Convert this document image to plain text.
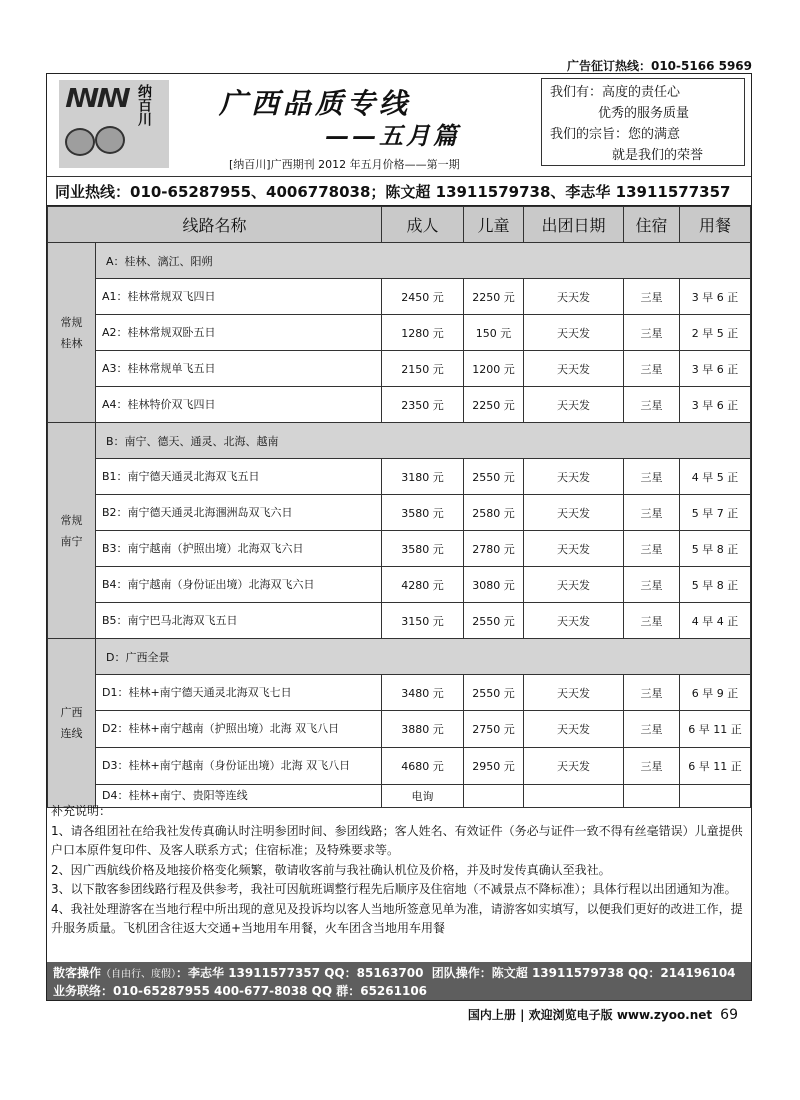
广告征订热线：010-5166 5969
ꟿꟿ 纳百川 广西品质专线
——五月篇
[纳百川]广西期刊 2012 年五月价格——第一期
我们有：高度的责任心
优秀的服务质量
我们的宗旨：您的满意
就是我们的荣誉
同业热线：010-65287955、4006778038；陈文超 13911579738、李志华 13911577357
线路名称		成人	儿童	出团日期	住宿	用餐
常规桂林	A：桂林、漓江、阳朔					
	A1：桂林常规双飞四日	2450 元	2250 元	天天发	三星	3 早 6 正
	A2：桂林常规双卧五日	1280 元	150 元	天天发	三星	2 早 5 正
	A3：桂林常规单飞五日	2150 元	1200 元	天天发	三星	3 早 6 正
	A4：桂林特价双飞四日	2350 元	2250 元	天天发	三星	3 早 6 正
常规南宁	B：南宁、德天、通灵、北海、越南					
	B1：南宁德天通灵北海双飞五日	3180 元	2550 元	天天发	三星	4 早 5 正
	B2：南宁德天通灵北海涠洲岛双飞六日	3580 元	2580 元	天天发	三星	5 早 7 正
	B3：南宁越南（护照出境）北海双飞六日	3580 元	2780 元	天天发	三星	5 早 8 正
	B4：南宁越南（身份证出境）北海双飞六日	4280 元	3080 元	天天发	三星	5 早 8 正
	B5：南宁巴马北海双飞五日	3150 元	2550 元	天天发	三星	4 早 4 正
广西连线	D：广西全景					
	D1：桂林+南宁德天通灵北海双飞七日	3480 元	2550 元	天天发	三星	6 早 9 正
	D2：桂林+南宁越南（护照出境）北海 双飞八日	3880 元	2750 元	天天发	三星	6 早 11 正
	D3：桂林+南宁越南（身份证出境）北海 双飞八日	4680 元	2950 元	天天发	三星	6 早 11 正
	D4：桂林+南宁、贵阳等连线	电询				
补充说明：
1、请各组团社在给我社发传真确认时注明参团时间、参团线路；客人姓名、有效证件（务必与证件一致不得有丝毫错误）儿童提供户口本原件复印件、及客人联系方式；住宿标准；及特殊要求等。
2、因广西航线价格及地接价格变化频繁，敬请收客前与我社确认机位及价格，并及时发传真确认至我社。
3、以下散客参团线路行程及供参考，我社可因航班调整行程先后顺序及住宿地（不减景点不降标准）；具体行程以出团通知为准。
4、我社处理游客在当地行程中所出现的意见及投诉均以客人当地所签意见单为准，请游客如实填写，以便我们更好的改进工作，提升服务质量。飞机团含往返大交通+当地用车用餐，火车团含当地用车用餐
散客操作（自由行、度假）：李志华 13911577357 QQ：85163700 团队操作：陈文超 13911579738 QQ：214196104
业务联络：010-65287955 400-677-8038 QQ 群：65261106
国内上册 | 欢迎浏览电子版 www.zyoo.net 69
